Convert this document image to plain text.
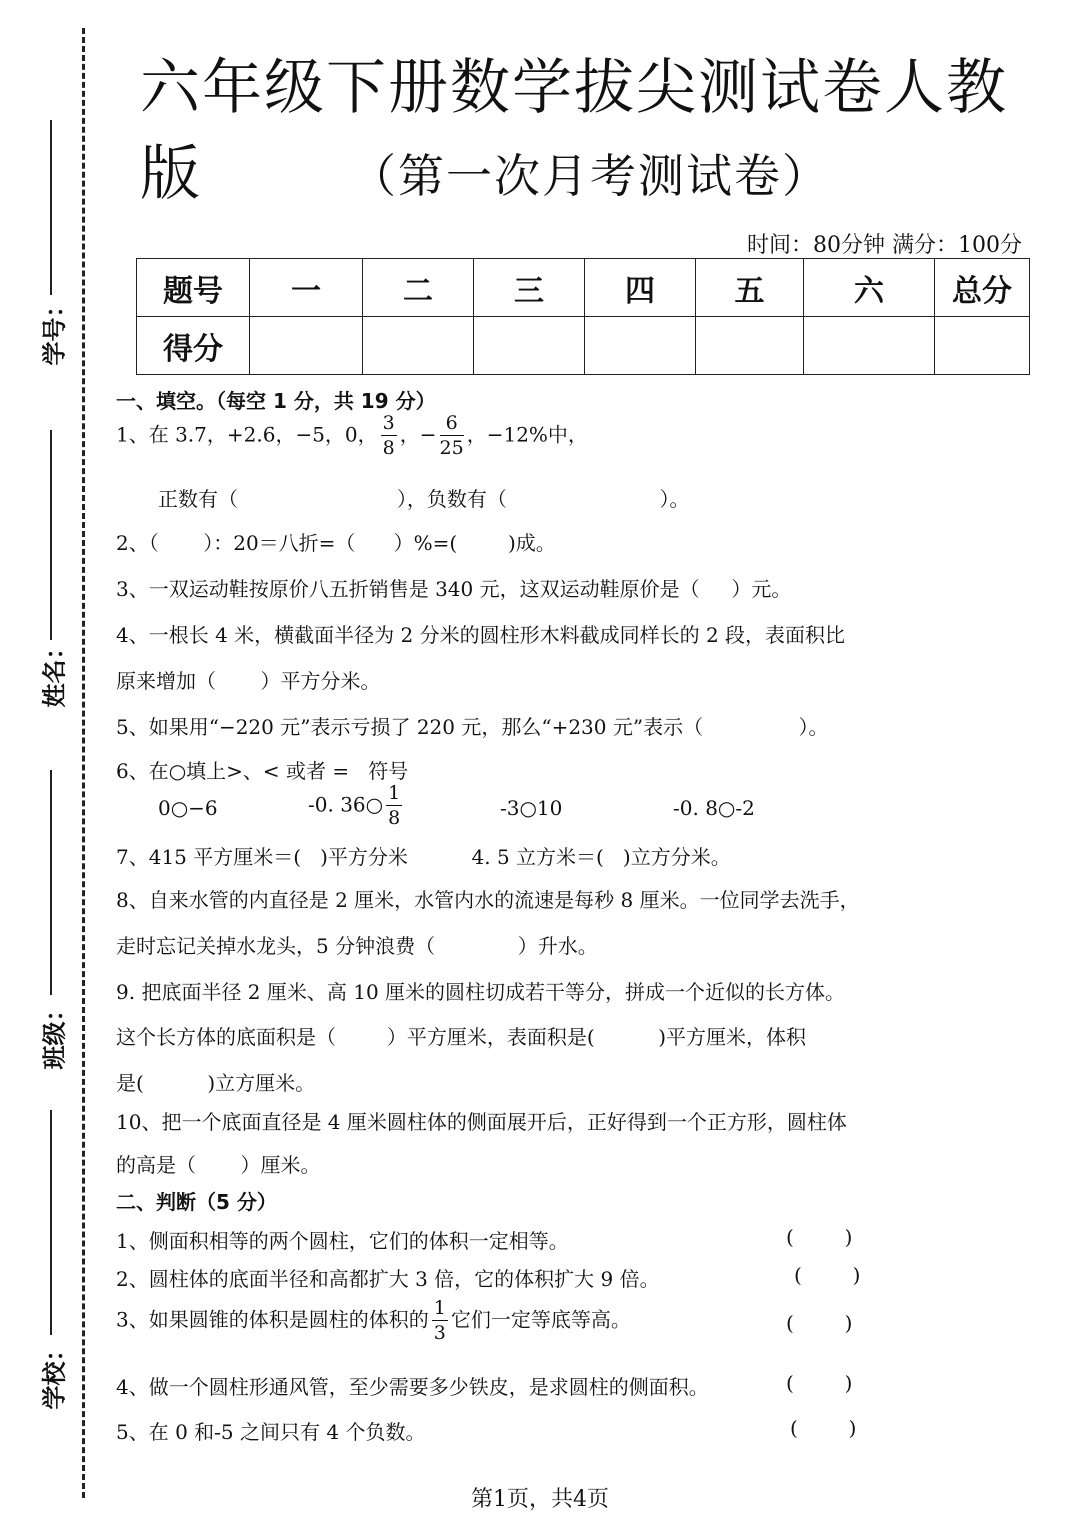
学号：
姓名：
班级：
学校：
六年级下册数学拔尖测试卷人教版	（第一次月考测试卷）
时间：80分钟 满分：100分
题号	一	二	三	四	五	六	总分
得分							
一、填空。（每空 1 分，共 19 分）
1、在 3.7，+2.6，−5，0， $\frac{3}{8}$ ，− $\frac{6}{25}$ ，−12%中，
正数有（                         ），负数有（                        ）。
2、（       ）：20＝八折=（      ）%=(        )成。
3、一双运动鞋按原价八五折销售是 340 元，这双运动鞋原价是（     ）元。
4、一根长 4 米，横截面半径为 2 分米的圆柱形木料截成同样长的 2 段，表面积比
原来增加（       ）平方分米。
5、如果用“−220 元”表示亏损了 220 元，那么“+230 元”表示（               ）。
6、在○填上>、< 或者 =   符号
0○−6	-0. 36○ $\frac{1}{8}$	-3○10	-0. 8○-2
7、415 平方厘米＝(   )平方分米          4. 5 立方米＝(   )立方分米。
8、自来水管的内直径是 2 厘米，水管内水的流速是每秒 8 厘米。一位同学去洗手，
走时忘记关掉水龙头，5 分钟浪费（             ）升水。
9. 把底面半径 2 厘米、高 10 厘米的圆柱切成若干等分，拼成一个近似的长方体。
这个长方体的底面积是（        ）平方厘米，表面积是(          )平方厘米，体积
是(          )立方厘米。
10、把一个底面直径是 4 厘米圆柱体的侧面展开后，正好得到一个正方形，圆柱体
的高是（       ）厘米。
二、判断（5 分）
1、侧面积相等的两个圆柱，它们的体积一定相等。	(        )
2、圆柱体的底面半径和高都扩大 3 倍，它的体积扩大 9 倍。	(        )
3、如果圆锥的体积是圆柱的体积的 $\frac{1}{3}$ 它们一定等底等高。	(        )
4、做一个圆柱形通风管，至少需要多少铁皮，是求圆柱的侧面积。	(        )
5、在 0 和-5 之间只有 4 个负数。	(        )
第1页，共4页
